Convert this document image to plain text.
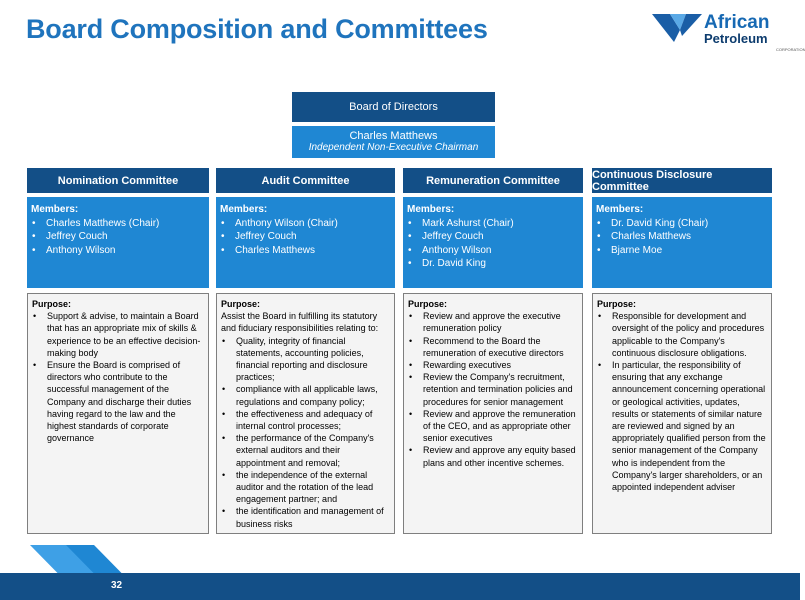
Board Composition and Committees	African
Petroleum
CORPORATION
Board of Directors
Charles Matthews
Independent Non-Executive Chairman
Nomination Committee
Members:
• Charles Matthews (Chair)
• Jeffrey Couch
• Anthony Wilson
Purpose:
• Support & advise, to maintain a Board that has an appropriate mix of skills & experience to be an effective decision-making body
• Ensure the Board is comprised of directors who contribute to the successful management of the Company and discharge their duties having regard to the law and the highest standards of corporate governance
Audit Committee
Members:
• Anthony Wilson (Chair)
• Jeffrey Couch
• Charles Matthews
Purpose:

Assist the Board in fulfilling its statutory and fiduciary responsibilities relating to:

• Quality, integrity of financial statements, accounting policies, financial reporting and disclosure practices;
• compliance with all applicable laws, regulations and company policy;
• the effectiveness and adequacy of internal control processes;
• the performance of the Company's external auditors and their appointment and removal;
• the independence of the external auditor and the rotation of the lead engagement partner; and
• the identification and management of business risks
Remuneration Committee
Members:
• Mark Ashurst (Chair)
• Jeffrey Couch
• Anthony Wilson
• Dr. David King
Purpose:
• Review and approve the executive remuneration policy
• Recommend to the Board the remuneration of executive directors
• Rewarding executives
• Review the Company's recruitment, retention and termination policies and procedures for senior management
• Review and approve the remuneration of the CEO, and as appropriate other senior executives
• Review and approve any equity based plans and other incentive schemes.
Continuous Disclosure Committee
Members:
• Dr. David King (Chair)
• Charles Matthews
• Bjarne Moe
Purpose:
• Responsible for development and oversight of the policy and procedures applicable to the Company's continuous disclosure obligations.
• In particular, the responsibility of ensuring that any exchange announcement concerning operational or geological activities, updates, results or statements of similar nature are reviewed and signed by an appropriately qualified person from the senior management of the Company who is independent from the Company's larger shareholders, or an appointed independent adviser
32
